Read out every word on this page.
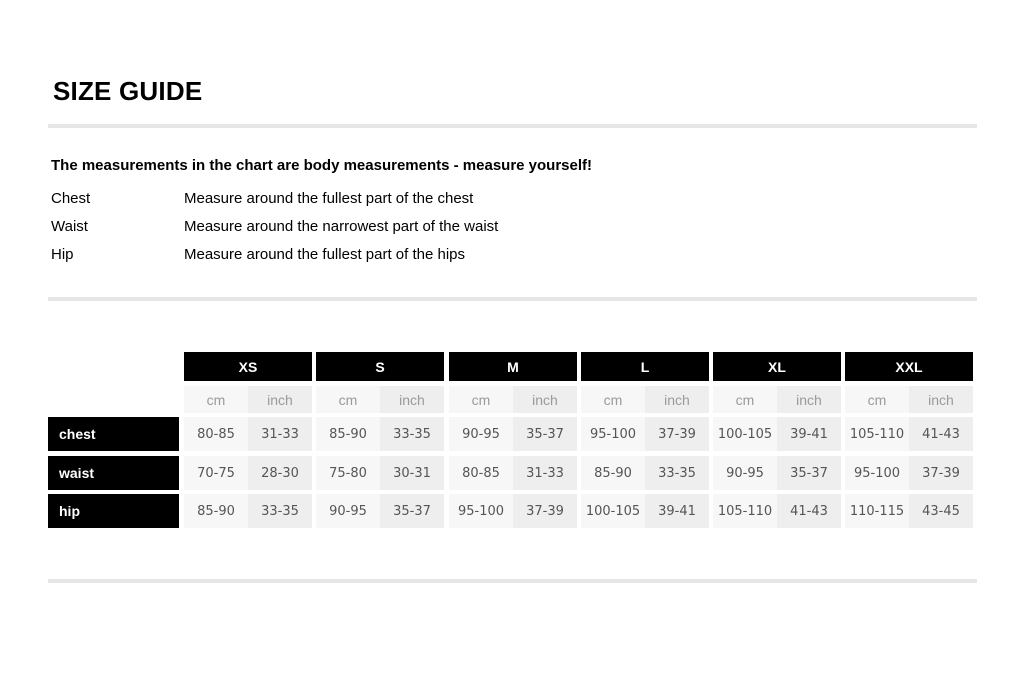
SIZE GUIDE
The measurements in the chart are body measurements - measure yourself!
Chest	Measure around the fullest part of the chest
Waist	Measure around the narrowest part of the waist
Hip	Measure around the fullest part of the hips
XS
cm	inch
S
cm	inch
M
cm	inch
L
cm	inch
XL
cm	inch
XXL
cm	inch
chest	80-85	31-33	85-90	33-35	90-95	35-37	95-100	37-39	100-105	39-41	105-110	41-43
waist	70-75	28-30	75-80	30-31	80-85	31-33	85-90	33-35	90-95	35-37	95-100	37-39
hip	85-90	33-35	90-95	35-37	95-100	37-39	100-105	39-41	105-110	41-43	110-115	43-45
